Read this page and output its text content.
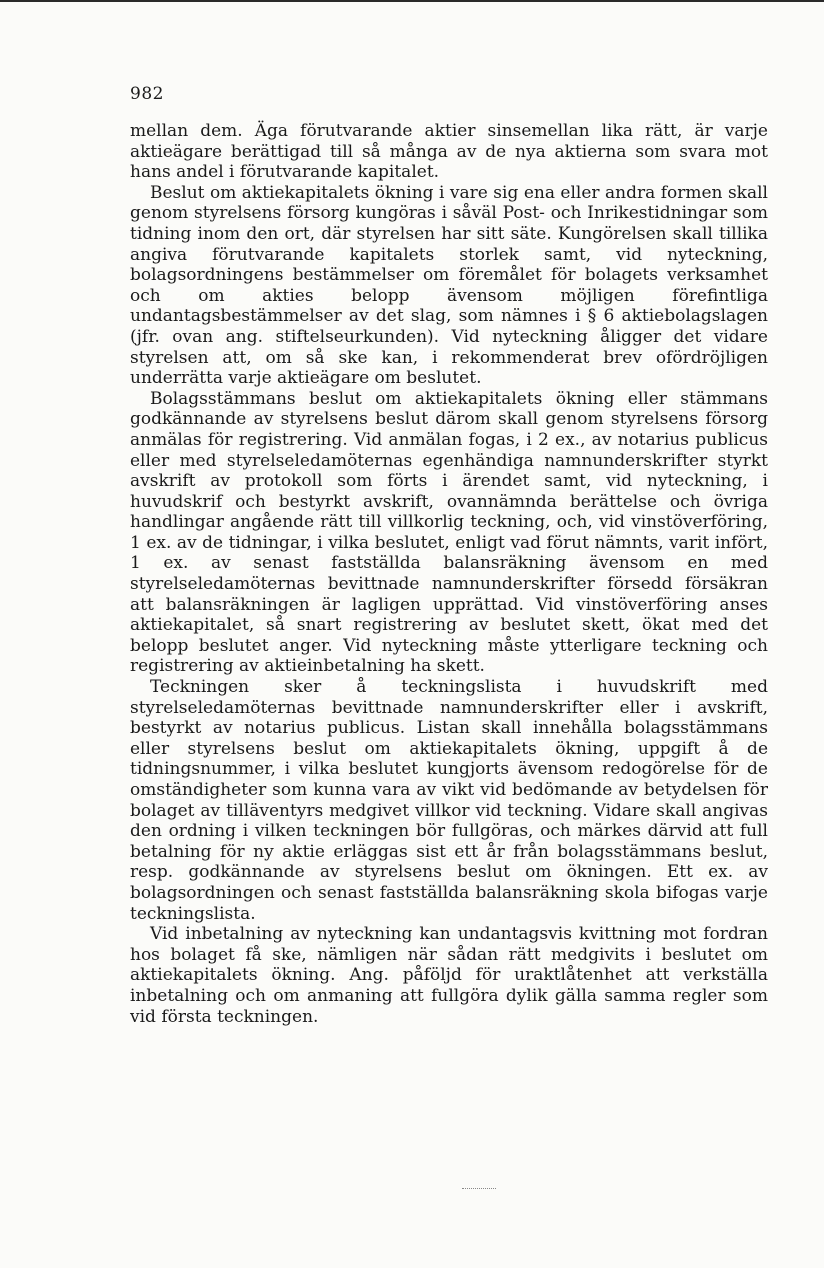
982

mellan dem. Äga förutvarande aktier sinsemellan lika rätt, är varje aktieägare berättigad till så många av de nya aktierna som svara mot hans andel i förutvarande kapitalet.

Beslut om aktiekapitalets ökning i vare sig ena eller andra formen skall genom styrelsens försorg kungöras i såväl Post- och Inrikestidningar som tidning inom den ort, där styrelsen har sitt säte. Kungörelsen skall tillika angiva förutvarande kapitalets storlek samt, vid nyteckning, bolagsordningens bestämmelser om föremålet för bolagets verksamhet och om akties belopp ävensom möjligen förefintliga undantagsbestämmelser av det slag, som nämnes i § 6 aktiebolagslagen (jfr. ovan ang. stiftelseurkunden). Vid nyteckning åligger det vidare styrelsen att, om så ske kan, i rekommenderat brev ofördröjligen underrätta varje aktieägare om beslutet.

Bolagsstämmans beslut om aktiekapitalets ökning eller stämmans godkännande av styrelsens beslut därom skall genom styrelsens försorg anmälas för registrering. Vid anmälan fogas, i 2 ex., av notarius publicus eller med styrelseledamöternas egenhändiga namnunderskrifter styrkt avskrift av protokoll som förts i ärendet samt, vid nyteckning, i huvudskrif och bestyrkt avskrift, ovannämnda berättelse och övriga handlingar angående rätt till villkorlig teckning, och, vid vinstöverföring, 1 ex. av de tidningar, i vilka beslutet, enligt vad förut nämnts, varit infört, 1 ex. av senast fastställda balansräkning ävensom en med styrelseledamöternas bevittnade namnunderskrifter försedd försäkran att balansräkningen är lagligen upprättad. Vid vinstöverföring anses aktiekapitalet, så snart registrering av beslutet skett, ökat med det belopp beslutet anger. Vid nyteckning måste ytterligare teckning och registrering av aktieinbetalning ha skett.

Teckningen sker å teckningslista i huvudskrift med styrelseledamöternas bevittnade namnunderskrifter eller i avskrift, bestyrkt av notarius publicus. Listan skall innehålla bolagsstämmans eller styrelsens beslut om aktiekapitalets ökning, uppgift å de tidningsnummer, i vilka beslutet kungjorts ävensom redogörelse för de omständigheter som kunna vara av vikt vid bedömande av betydelsen för bolaget av tilläventyrs medgivet villkor vid teckning. Vidare skall angivas den ordning i vilken teckningen bör fullgöras, och märkes därvid att full betalning för ny aktie erläggas sist ett år från bolagsstämmans beslut, resp. godkännande av styrelsens beslut om ökningen. Ett ex. av bolagsordningen och senast fastställda balansräkning skola bifogas varje teckningslista.

Vid inbetalning av nyteckning kan undantagsvis kvittning mot fordran hos bolaget få ske, nämligen när sådan rätt medgivits i beslutet om aktiekapitalets ökning. Ang. påföljd för uraktlåtenhet att verkställa inbetalning och om anmaning att fullgöra dylik gälla samma regler som vid första teckningen.
